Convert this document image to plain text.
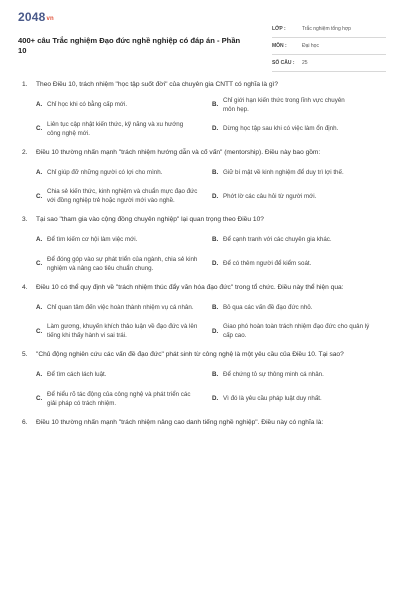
2048vn
400+ câu Trắc nghiệm Đạo đức nghề nghiệp có đáp án - Phần 10
LỚP :	Trắc nghiệm tổng hợp
MÔN :	Đại học
SỐ CÂU : 25
1.	Theo Điều 10, trách nhiệm "học tập suốt đời" của chuyên gia CNTT có nghĩa là gì?
A. Chỉ học khi có bằng cấp mới.	B.
Chỉ giới hạn kiến thức trong lĩnh vực chuyên môn hẹp.
C.
Liên tục cập nhật kiến thức, kỹ năng và xu hướng công nghệ mới.
D. Dừng học tập sau khi có việc làm ổn định.
2.	Điều 10 thường nhấn mạnh "trách nhiệm hướng dẫn và cố vấn" (mentorship). Điều này bao gồm:
A. Chỉ giúp đỡ những người có lợi cho mình.	B. Giữ bí mật về kinh nghiệm để duy trì lợi thế.
C.
Chia sẻ kiến thức, kinh nghiệm và chuẩn mực đạo đức với đồng nghiệp trẻ hoặc người mới vào nghề.
D. Phớt lờ các câu hỏi từ người mới.
3.	Tại sao "tham gia vào cộng đồng chuyên nghiệp" lại quan trọng theo Điều 10?
A. Để tìm kiếm cơ hội làm việc mới.	B. Để cạnh tranh với các chuyên gia khác.
C.
Để đóng góp vào sự phát triển của ngành, chia sẻ kinh nghiệm và nâng cao tiêu chuẩn chung.
D. Để có thêm người để kiểm soát.
4.	Điều 10 có thể quy định về "trách nhiệm thúc đẩy văn hóa đạo đức" trong tổ chức. Điều này thể hiện qua:
A. Chỉ quan tâm đến việc hoàn thành nhiệm vụ cá nhân.	B. Bỏ qua các vấn đề đạo đức nhỏ.
C.
Làm gương, khuyến khích thảo luận về đạo đức và lên tiếng khi thấy hành vi sai trái.
D.
Giao phó hoàn toàn trách nhiệm đạo đức cho quản lý cấp cao.
5.	"Chủ động nghiên cứu các vấn đề đạo đức" phát sinh từ công nghệ là một yêu cầu của Điều 10. Tại sao?
A. Để tìm cách lách luật.	B. Để chứng tỏ sự thông minh cá nhân.
C.
Để hiểu rõ tác động của công nghệ và phát triển các giải pháp có trách nhiệm.
D. Vì đó là yêu cầu pháp luật duy nhất.
6.	Điều 10 thường nhấn mạnh "trách nhiệm nâng cao danh tiếng nghề nghiệp". Điều này có nghĩa là:
